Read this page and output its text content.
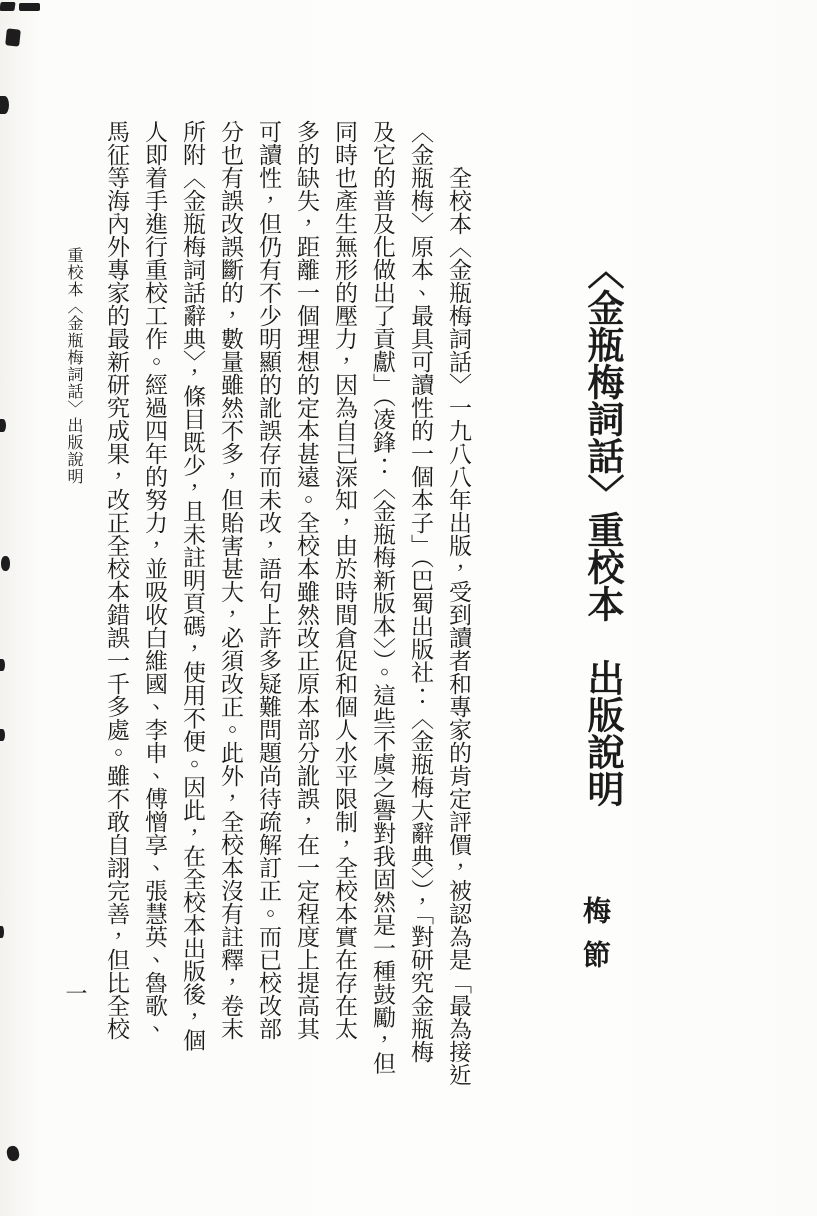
〈金瓶梅詞話〉重校本　出版說明
梅節
全校本〈金瓶梅詞話〉一九八八年出版，受到讀者和專家的肯定評價，被認為是「最為接近
〈金瓶梅〉原本、最具可讀性的一個本子」（巴蜀出版社：〈金瓶梅大辭典〉），「對研究金瓶梅
及它的普及化做出了貢獻」（凌鋒：〈金瓶梅新版本〉）。這些不虞之譽對我固然是一種鼓勵，但
同時也產生無形的壓力，因為自己深知，由於時間倉促和個人水平限制，全校本實在存在太
多的缺失，距離一個理想的定本甚遠。全校本雖然改正原本部分訛誤，在一定程度上提高其
可讀性，但仍有不少明顯的訛誤存而未改，語句上許多疑難問題尚待疏解訂正。而已校改部
分也有誤改誤斷的，數量雖然不多，但貽害甚大，必須改正。此外，全校本沒有註釋，卷末
所附〈金瓶梅詞話辭典〉，條目既少，且未註明頁碼，使用不便。因此，在全校本出版後，個
人即着手進行重校工作。經過四年的努力，並吸收白維國、李申、傅憎享、張慧英、魯歌、
馬征等海內外專家的最新研究成果，改正全校本錯誤一千多處。雖不敢自詡完善，但比全校
重校本〈金瓶梅詞話〉出版說明
一
